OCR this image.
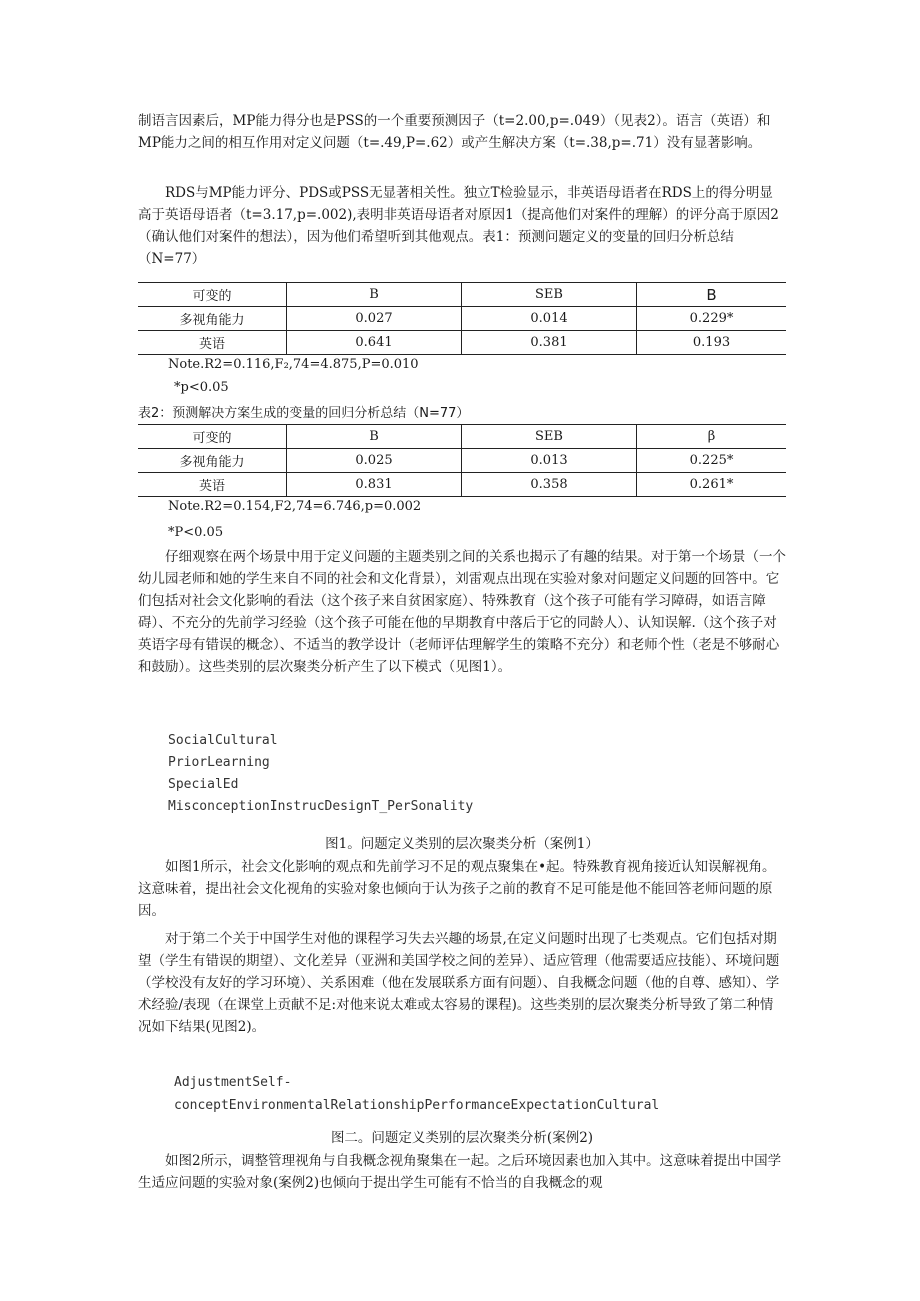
制语言因素后，MP能力得分也是PSS的一个重要预测因子（t=2.00,p=.049）（见表2）。语言（英语）和MP能力之间的相互作用对定义问题（t=.49,P=.62）或产生解决方案（t=.38,p=.71）没有显著影响。

RDS与MP能力评分、PDS或PSS无显著相关性。独立T检验显示，非英语母语者在RDS上的得分明显高于英语母语者（t=3.17,p=.002),表明非英语母语者对原因1（提高他们对案件的理解）的评分高于原因2（确认他们对案件的想法），因为他们希望听到其他观点。表1：预测问题定义的变量的回归分析总结（N=77）

可变的	B	SEB	B
多视角能力	0.027	0.014	0.229*
英语	0.641	0.381	0.193

Note.R2=0.116,F₂,74=4.875,P=0.010

*p<0.05

表2：预测解决方案生成的变量的回归分析总结（N=77）

可变的	B	SEB	β
多视角能力	0.025	0.013	0.225*
英语	0.831	0.358	0.261*

Note.R2=0.154,F2,74=6.746,p=0.002

*P<0.05

仔细观察在两个场景中用于定义问题的主题类别之间的关系也揭示了有趣的结果。对于第一个场景（一个幼儿园老师和她的学生来自不同的社会和文化背景），刘雷观点出现在实验对象对问题定义问题的回答中。它们包括对社会文化影响的看法（这个孩子来自贫困家庭）、特殊教育（这个孩子可能有学习障碍，如语言障碍）、不充分的先前学习经验（这个孩子可能在他的早期教育中落后于它的同龄人）、认知误解.（这个孩子对英语字母有错误的概念）、不适当的教学设计（老师评估理解学生的策略不充分）和老师个性（老是不够耐心和鼓励）。这些类别的层次聚类分析产生了以下模式（见图1）。

SocialCultural

PriorLearning

SpecialEd

MisconceptionInstrucDesignT_PerSonality

图1。问题定义类别的层次聚类分析（案例1）

如图1所示，社会文化影响的观点和先前学习不足的观点聚集在•起。特殊教育视角接近认知误解视角。这意味着，提出社会文化视角的实验对象也倾向于认为孩子之前的教育不足可能是他不能回答老师问题的原因。

对于第二个关于中国学生对他的课程学习失去兴趣的场景,在定义问题时出现了七类观点。它们包括对期望（学生有错误的期望）、文化差异（亚洲和美国学校之间的差异）、适应管理（他需要适应技能）、环境问题（学校没有友好的学习环境）、关系困难（他在发展联系方面有问题）、自我概念问题（他的自尊、感知）、学术经验/表现（在课堂上贡献不足:对他来说太难或太容易的课程)。这些类别的层次聚类分析导致了第二种情况如下结果(见图2)。

AdjustmentSelf-

conceptEnvironmentalRelationshipPerformanceExpectationCultural

图二。问题定义类别的层次聚类分析(案例2)

如图2所示，调整管理视角与自我概念视角聚集在一起。之后环境因素也加入其中。这意味着提出中国学生适应问题的实验对象(案例2)也倾向于提出学生可能有不恰当的自我概念的观
